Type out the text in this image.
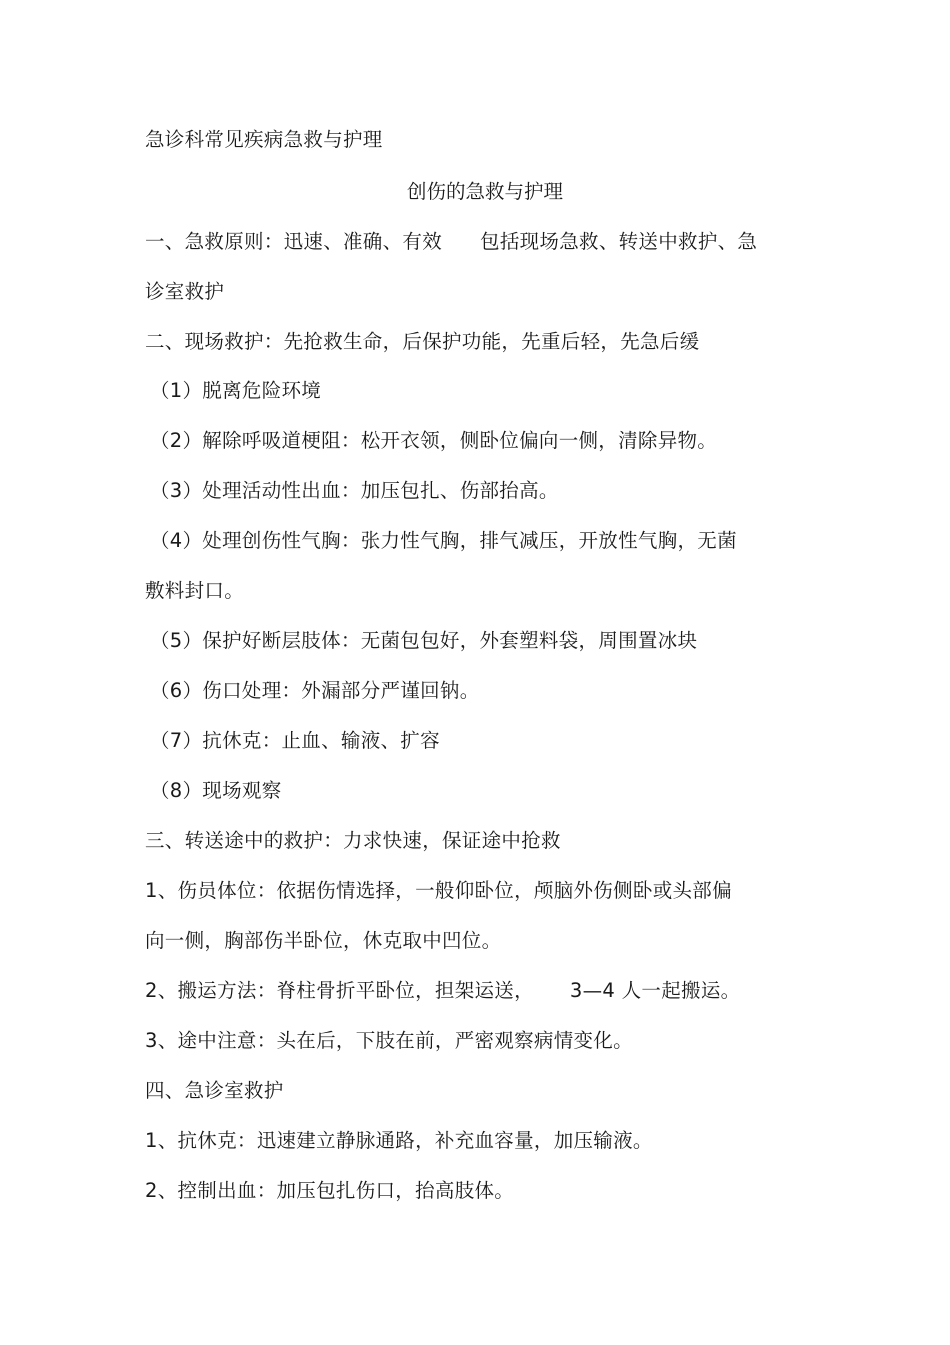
急诊科常见疾病急救与护理
创伤的急救与护理
一、急救原则：迅速、准确、有效 包括现场急救、转送中救护、急
诊室救护
二、现场救护：先抢救生命，后保护功能，先重后轻，先急后缓
（1）脱离危险环境
（2）解除呼吸道梗阻：松开衣领，侧卧位偏向一侧，清除异物。
（3）处理活动性出血：加压包扎、伤部抬高。
（4）处理创伤性气胸：张力性气胸，排气减压，开放性气胸，无菌
敷料封口。
（5）保护好断层肢体：无菌包包好，外套塑料袋，周围置冰块
（6）伤口处理：外漏部分严谨回钠。
（7）抗休克：止血、输液、扩容
（8）现场观察
三、转送途中的救护：力求快速，保证途中抢救
1、伤员体位：依据伤情选择，一般仰卧位，颅脑外伤侧卧或头部偏
向一侧，胸部伤半卧位，休克取中凹位。
2、搬运方法：脊柱骨折平卧位，担架运送， 3—4 人一起搬运。
3、途中注意：头在后，下肢在前，严密观察病情变化。
四、急诊室救护
1、抗休克：迅速建立静脉通路，补充血容量，加压输液。
2、控制出血：加压包扎伤口，抬高肢体。
